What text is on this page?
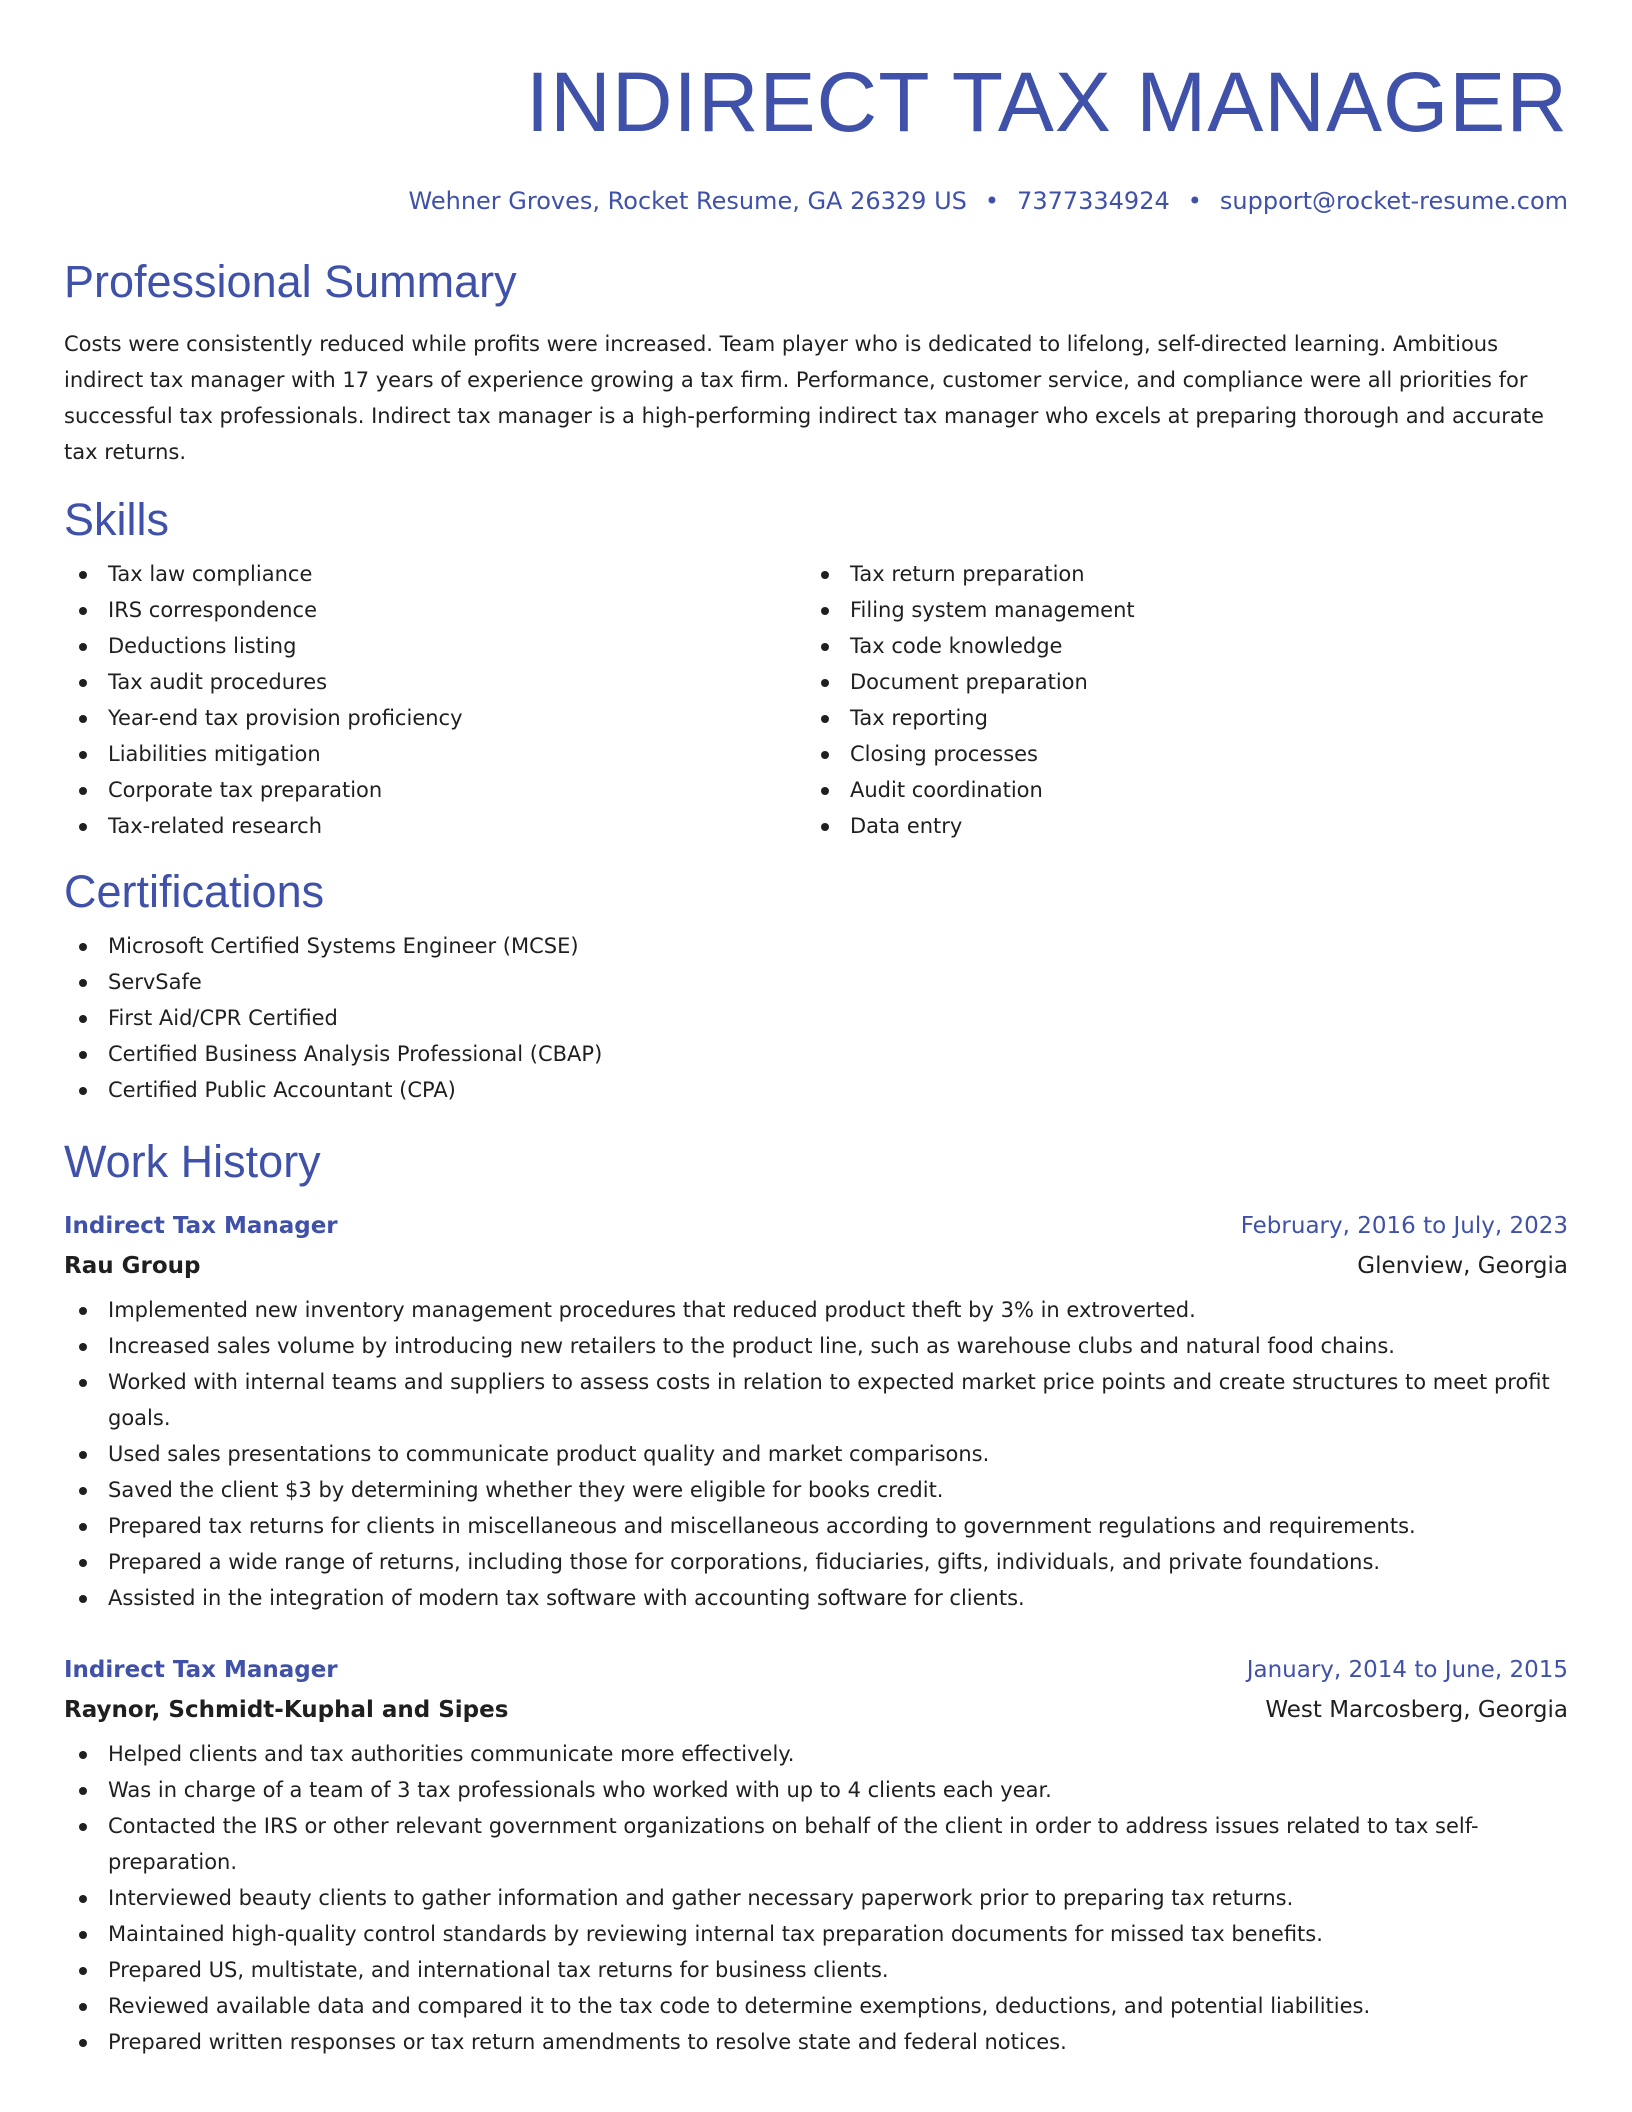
INDIRECT TAX MANAGER
Wehner Groves, Rocket Resume, GA 26329 US • 7377334924 • support@rocket-resume.com
Professional Summary

Costs were consistently reduced while profits were increased. Team player who is dedicated to lifelong, self-directed learning. Ambitious indirect tax manager with 17 years of experience growing a tax firm. Performance, customer service, and compliance were all priorities for successful tax professionals. Indirect tax manager is a high-performing indirect tax manager who excels at preparing thorough and accurate tax returns.

Skills
Tax law compliance
IRS correspondence
Deductions listing
Tax audit procedures
Year-end tax provision proficiency
Liabilities mitigation
Corporate tax preparation
Tax-related research
Tax return preparation
Filing system management
Tax code knowledge
Document preparation
Tax reporting
Closing processes
Audit coordination
Data entry
Certifications
Microsoft Certified Systems Engineer (MCSE)
ServSafe
First Aid/CPR Certified
Certified Business Analysis Professional (CBAP)
Certified Public Accountant (CPA)
Work History
Indirect Tax Manager	February, 2016 to July, 2023
Rau Group	Glenview, Georgia
Implemented new inventory management procedures that reduced product theft by 3% in extroverted.
Increased sales volume by introducing new retailers to the product line, such as warehouse clubs and natural food chains.
Worked with internal teams and suppliers to assess costs in relation to expected market price points and create structures to meet profit goals.
Used sales presentations to communicate product quality and market comparisons.
Saved the client $3 by determining whether they were eligible for books credit.
Prepared tax returns for clients in miscellaneous and miscellaneous according to government regulations and requirements.
Prepared a wide range of returns, including those for corporations, fiduciaries, gifts, individuals, and private foundations.
Assisted in the integration of modern tax software with accounting software for clients.
Indirect Tax Manager	January, 2014 to June, 2015
Raynor, Schmidt-Kuphal and Sipes	West Marcosberg, Georgia
Helped clients and tax authorities communicate more effectively.
Was in charge of a team of 3 tax professionals who worked with up to 4 clients each year.
Contacted the IRS or other relevant government organizations on behalf of the client in order to address issues related to tax self-preparation.
Interviewed beauty clients to gather information and gather necessary paperwork prior to preparing tax returns.
Maintained high-quality control standards by reviewing internal tax preparation documents for missed tax benefits.
Prepared US, multistate, and international tax returns for business clients.
Reviewed available data and compared it to the tax code to determine exemptions, deductions, and potential liabilities.
Prepared written responses or tax return amendments to resolve state and federal notices.
